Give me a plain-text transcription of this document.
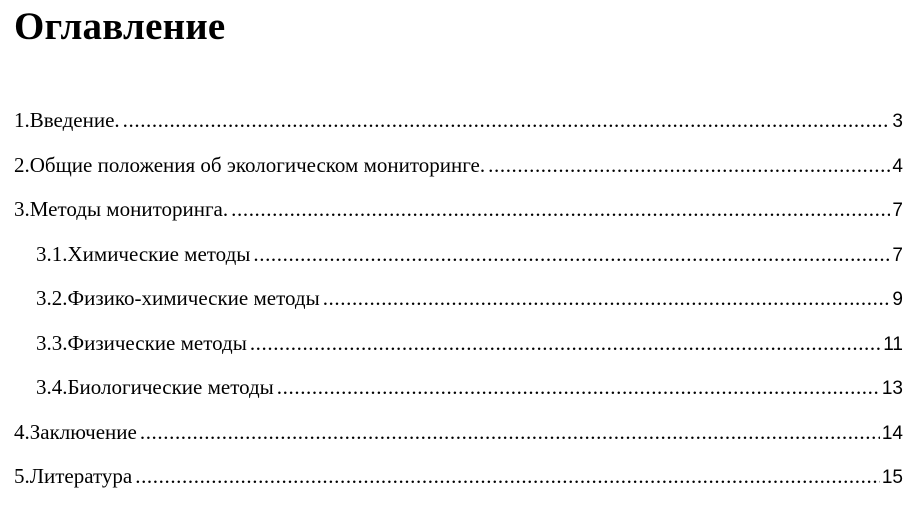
Оглавление
1.Введение. .....	3
2.Общие положения об экологическом мониторинге. .....	4
3.Методы мониторинга. .....	7
3.1.Химические методы .....	7
3.2.Физико-химические методы .....	9
3.3.Физические методы .....	11
3.4.Биологические методы .....	13
4.Заключение .....	14
5.Литература .....	15
